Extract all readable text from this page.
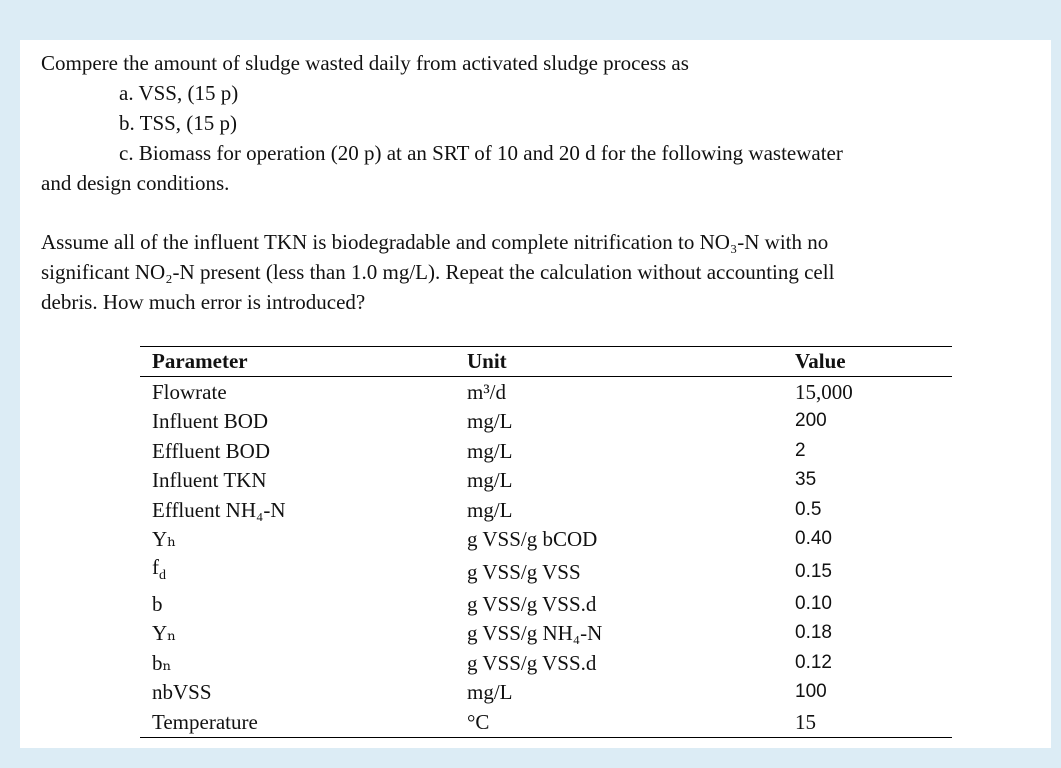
Compere the amount of sludge wasted daily from activated sludge process as

a. VSS, (15 p)

b. TSS, (15 p)

c. Biomass for operation (20 p) at an SRT of 10 and 20 d for the following wastewater

and design conditions.

Assume all of the influent TKN is biodegradable and complete nitrification to NO₃-N with no

significant NO₂-N present (less than 1.0 mg/L). Repeat the calculation without accounting cell

debris. How much error is introduced?

Parameter	Unit	Value
Flowrate	m³/d	15,000
Influent BOD	mg/L	200
Effluent BOD	mg/L	2
Influent TKN	mg/L	35
Effluent NH₄-N	mg/L	0.5
Yₕ	g VSS/g bCOD	0.40
$f_d$	g VSS/g VSS	0.15
b	g VSS/g VSS.d	0.10
Yₙ	g VSS/g NH₄-N	0.18
bₙ	g VSS/g VSS.d	0.12
nbVSS	mg/L	100
Temperature	°C	15
